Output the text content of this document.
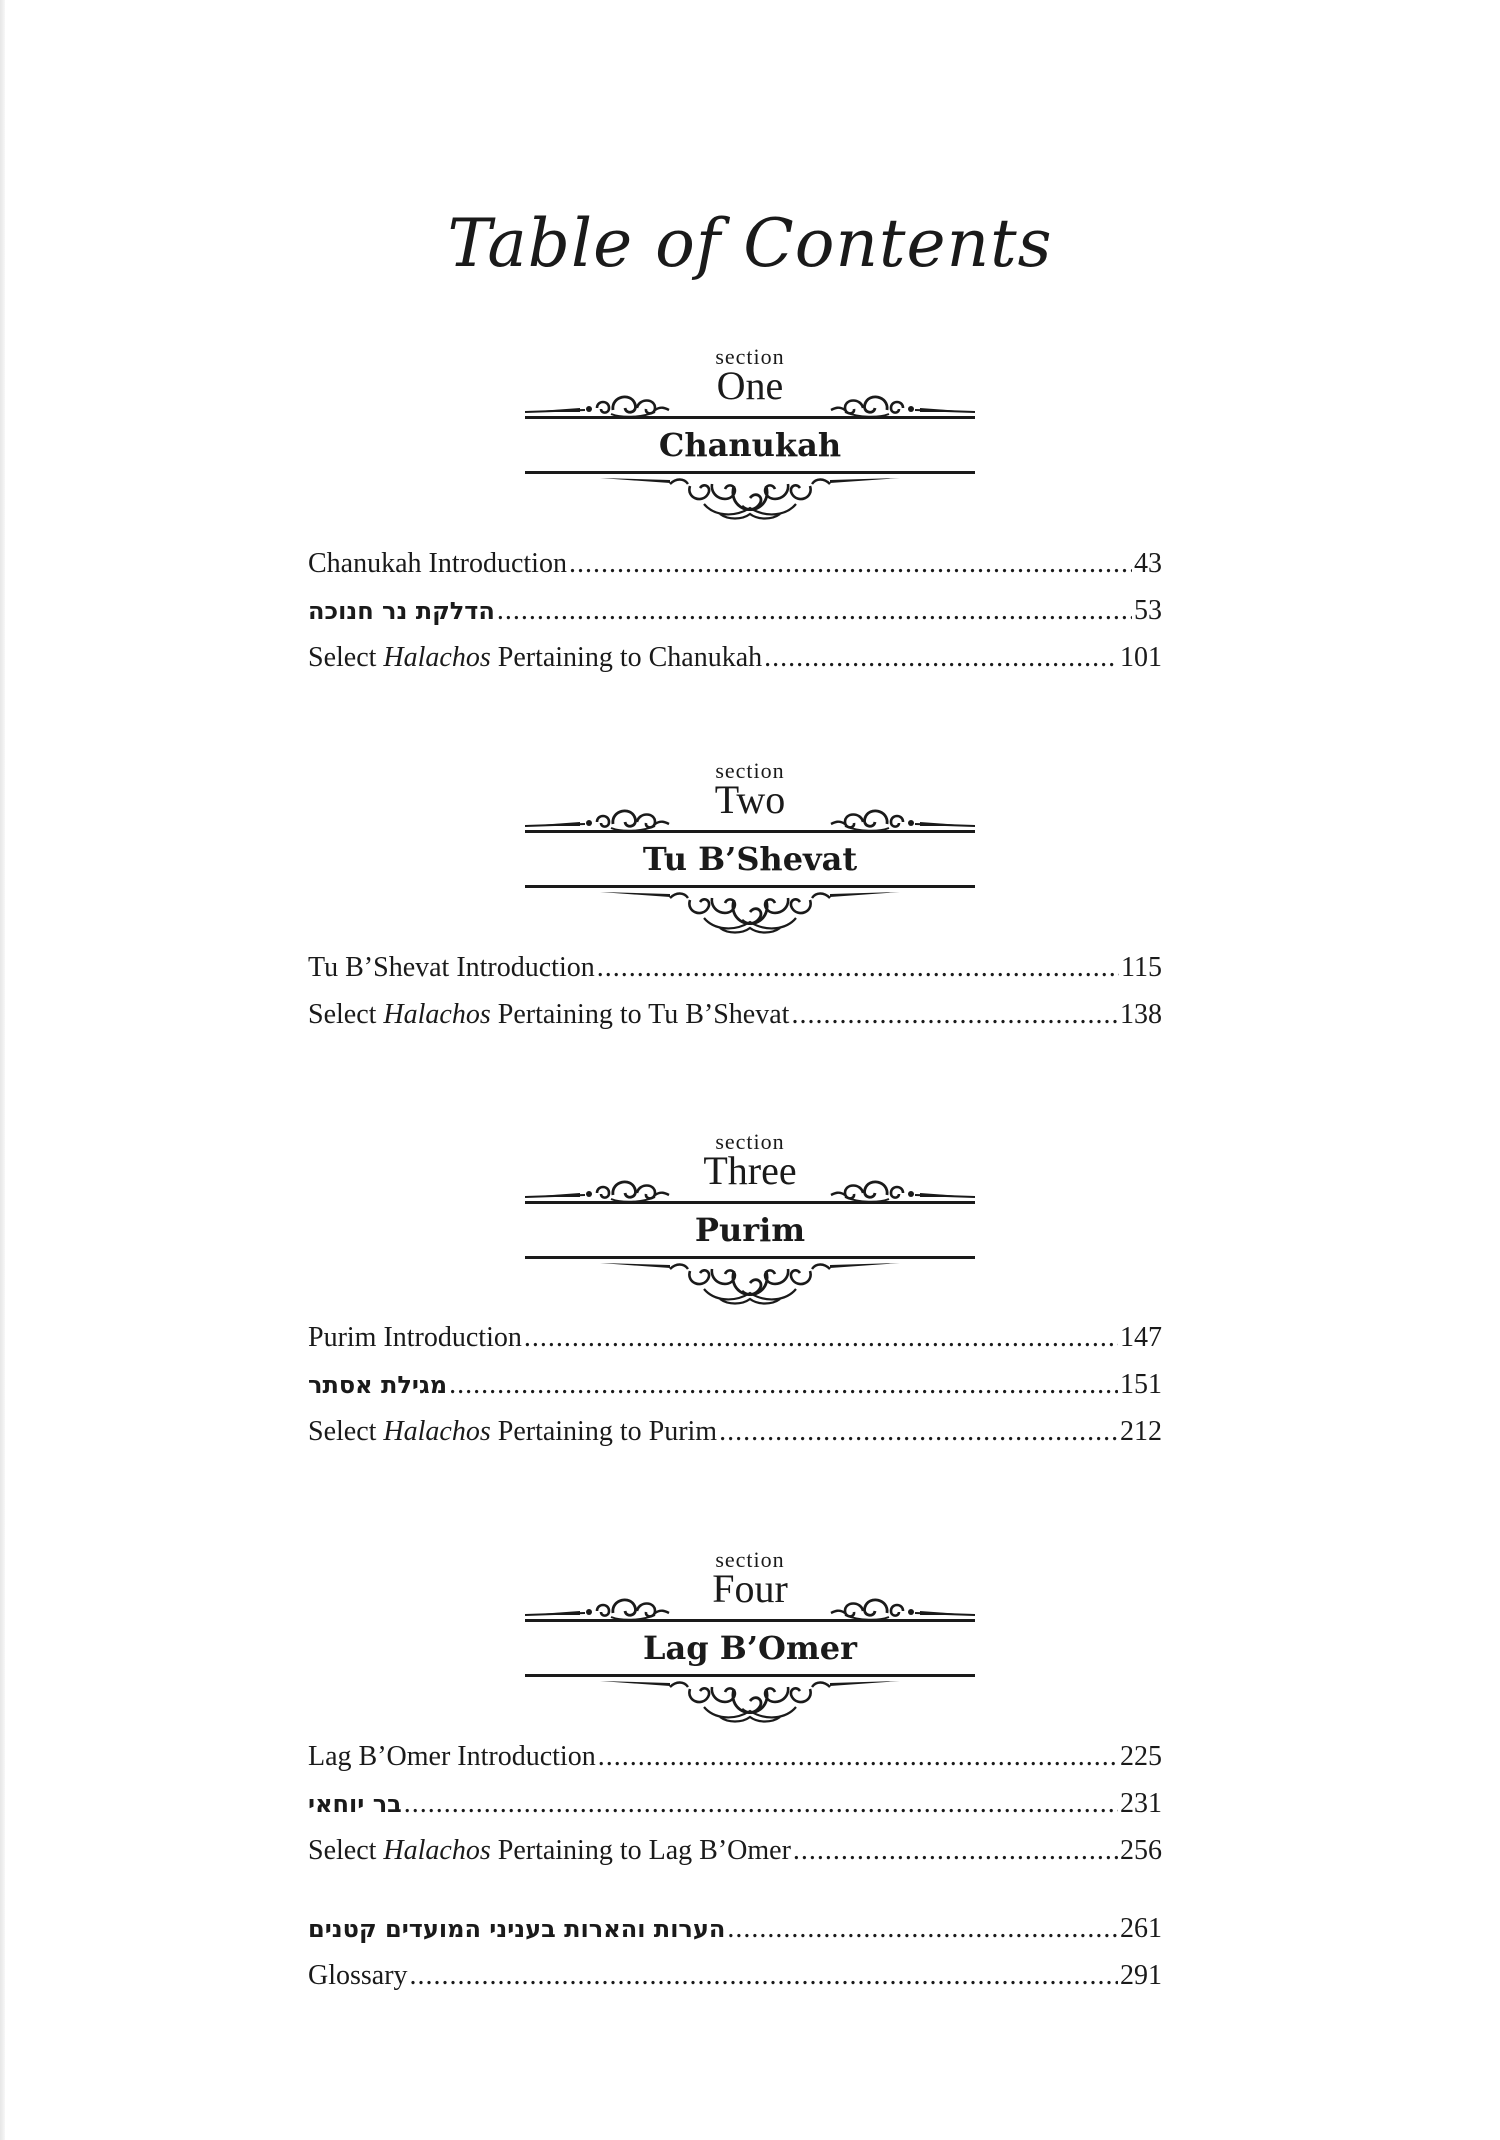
Table of Contents
section
One
Chanukah
Chanukah Introduction .....	43
הדלקת נר חנוכה .....	53
Select Halachos Pertaining to Chanukah .....	101
section
Two
Tu B’Shevat
Tu B’Shevat Introduction .....	115
Select Halachos Pertaining to Tu B’Shevat .....	138
section
Three
Purim
Purim Introduction .....	147
מגילת אסתר .....	151
Select Halachos Pertaining to Purim .....	212
section
Four
Lag B’Omer
Lag B’Omer Introduction .....	225
בר יוחאי .....	231
Select Halachos Pertaining to Lag B’Omer .....	256
הערות והארות בעניני המועדים קטנים .....	261
Glossary .....	291
